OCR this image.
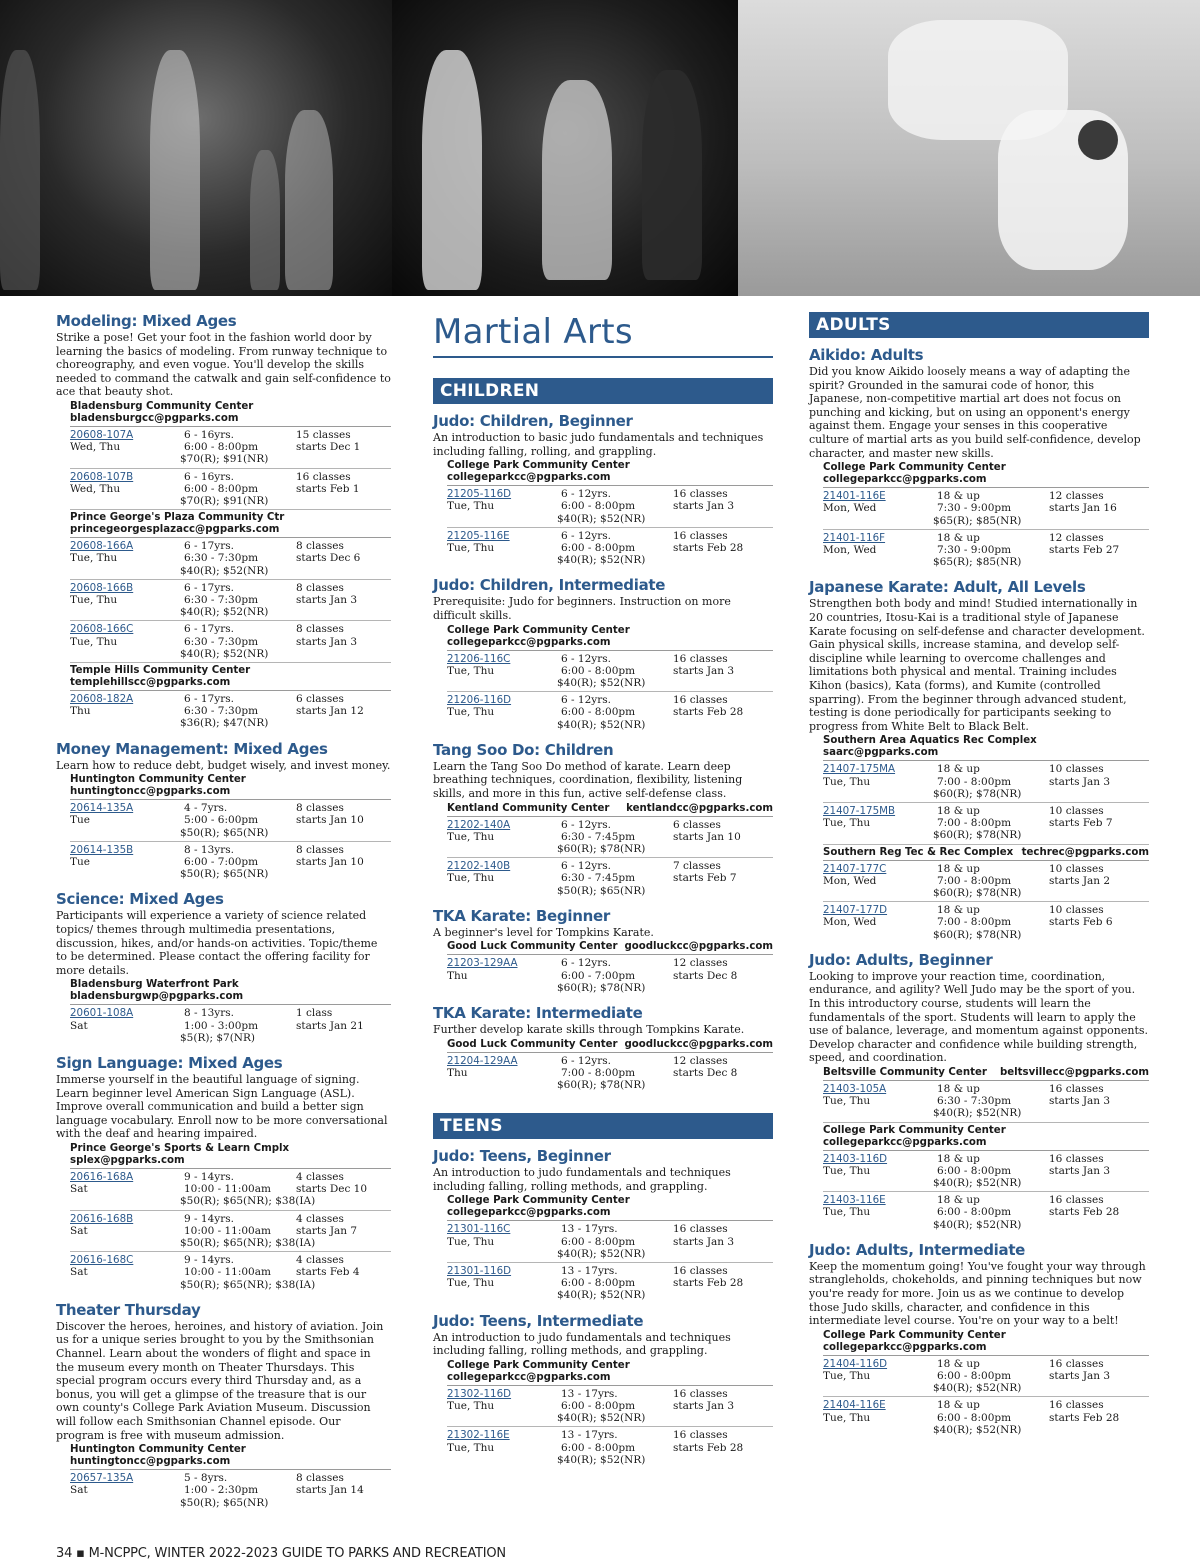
Modeling: Mixed Ages

Strike a pose! Get your foot in the fashion world door by learning the basics of modeling. From runway technique to choreography, and even vogue. You'll develop the skills needed to command the catwalk and gain self-confidence to ace that beauty shot.

Bladensburg Community Center
bladensburgcc@pgparks.com
20608-107A	6 - 16yrs.	15 classes
Wed, Thu	6:00 - 8:00pm	starts Dec 1
$70(R); $91(NR)
20608-107B	6 - 16yrs.	16 classes
Wed, Thu	6:00 - 8:00pm	starts Feb 1
$70(R); $91(NR)
Prince George's Plaza Community Ctr
princegeorgesplazacc@pgparks.com
20608-166A	6 - 17yrs.	8 classes
Tue, Thu	6:30 - 7:30pm	starts Dec 6
$40(R); $52(NR)
20608-166B	6 - 17yrs.	8 classes
Tue, Thu	6:30 - 7:30pm	starts Jan 3
$40(R); $52(NR)
20608-166C	6 - 17yrs.	8 classes
Tue, Thu	6:30 - 7:30pm	starts Jan 3
$40(R); $52(NR)
Temple Hills Community Center
templehillscc@pgparks.com
20608-182A	6 - 17yrs.	6 classes
Thu	6:30 - 7:30pm	starts Jan 12
$36(R); $47(NR)
Money Management: Mixed Ages

Learn how to reduce debt, budget wisely, and invest money.

Huntington Community Center
huntingtoncc@pgparks.com
20614-135A	4 - 7yrs.	8 classes
Tue	5:00 - 6:00pm	starts Jan 10
$50(R); $65(NR)
20614-135B	8 - 13yrs.	8 classes
Tue	6:00 - 7:00pm	starts Jan 10
$50(R); $65(NR)
Science: Mixed Ages

Participants will experience a variety of science related topics/ themes through multimedia presentations, discussion, hikes, and/or hands-on activities. Topic/theme to be determined. Please contact the offering facility for more details.

Bladensburg Waterfront Park
bladensburgwp@pgparks.com
20601-108A	8 - 13yrs.	1 class
Sat	1:00 - 3:00pm	starts Jan 21
$5(R); $7(NR)
Sign Language: Mixed Ages

Immerse yourself in the beautiful language of signing. Learn beginner level American Sign Language (ASL). Improve overall communication and build a better sign language vocabulary. Enroll now to be more conversational with the deaf and hearing impaired.

Prince George's Sports & Learn Cmplx
splex@pgparks.com
20616-168A	9 - 14yrs.	4 classes
Sat	10:00 - 11:00am	starts Dec 10
$50(R); $65(NR); $38(IA)
20616-168B	9 - 14yrs.	4 classes
Sat	10:00 - 11:00am	starts Jan 7
$50(R); $65(NR); $38(IA)
20616-168C	9 - 14yrs.	4 classes
Sat	10:00 - 11:00am	starts Feb 4
$50(R); $65(NR); $38(IA)
Theater Thursday

Discover the heroes, heroines, and history of aviation. Join us for a unique series brought to you by the Smithsonian Channel. Learn about the wonders of flight and space in the museum every month on Theater Thursdays. This special program occurs every third Thursday and, as a bonus, you will get a glimpse of the treasure that is our own county's College Park Aviation Museum. Discussion will follow each Smithsonian Channel episode. Our program is free with museum admission.

Huntington Community Center
huntingtoncc@pgparks.com
20657-135A	5 - 8yrs.	8 classes
Sat	1:00 - 2:30pm	starts Jan 14
$50(R); $65(NR)
Martial Arts
CHILDREN
Judo: Children, Beginner

An introduction to basic judo fundamentals and techniques including falling, rolling, and grappling.

College Park Community Center
collegeparkcc@pgparks.com
21205-116D	6 - 12yrs.	16 classes
Tue, Thu	6:00 - 8:00pm	starts Jan 3
$40(R); $52(NR)
21205-116E	6 - 12yrs.	16 classes
Tue, Thu	6:00 - 8:00pm	starts Feb 28
$40(R); $52(NR)
Judo: Children, Intermediate

Prerequisite: Judo for beginners. Instruction on more difficult skills.

College Park Community Center
collegeparkcc@pgparks.com
21206-116C	6 - 12yrs.	16 classes
Tue, Thu	6:00 - 8:00pm	starts Jan 3
$40(R); $52(NR)
21206-116D	6 - 12yrs.	16 classes
Tue, Thu	6:00 - 8:00pm	starts Feb 28
$40(R); $52(NR)
Tang Soo Do: Children

Learn the Tang Soo Do method of karate. Learn deep breathing techniques, coordination, flexibility, listening skills, and more in this fun, active self-defense class.

Kentland Community Center kentlandcc@pgparks.com
21202-140A	6 - 12yrs.	6 classes
Tue, Thu	6:30 - 7:45pm	starts Jan 10
$60(R); $78(NR)
21202-140B	6 - 12yrs.	7 classes
Tue, Thu	6:30 - 7:45pm	starts Feb 7
$50(R); $65(NR)
TKA Karate: Beginner

A beginner's level for Tompkins Karate.

Good Luck Community Center goodluckcc@pgparks.com
21203-129AA	6 - 12yrs.	12 classes
Thu	6:00 - 7:00pm	starts Dec 8
$60(R); $78(NR)
TKA Karate: Intermediate

Further develop karate skills through Tompkins Karate.

Good Luck Community Center goodluckcc@pgparks.com
21204-129AA	6 - 12yrs.	12 classes
Thu	7:00 - 8:00pm	starts Dec 8
$60(R); $78(NR)
TEENS
Judo: Teens, Beginner

An introduction to judo fundamentals and techniques including falling, rolling methods, and grappling.

College Park Community Center
collegeparkcc@pgparks.com
21301-116C	13 - 17yrs.	16 classes
Tue, Thu	6:00 - 8:00pm	starts Jan 3
$40(R); $52(NR)
21301-116D	13 - 17yrs.	16 classes
Tue, Thu	6:00 - 8:00pm	starts Feb 28
$40(R); $52(NR)
Judo: Teens, Intermediate

An introduction to judo fundamentals and techniques including falling, rolling methods, and grappling.

College Park Community Center
collegeparkcc@pgparks.com
21302-116D	13 - 17yrs.	16 classes
Tue, Thu	6:00 - 8:00pm	starts Jan 3
$40(R); $52(NR)
21302-116E	13 - 17yrs.	16 classes
Tue, Thu	6:00 - 8:00pm	starts Feb 28
$40(R); $52(NR)
ADULTS
Aikido: Adults

Did you know Aikido loosely means a way of adapting the spirit? Grounded in the samurai code of honor, this Japanese, non-competitive martial art does not focus on punching and kicking, but on using an opponent's energy against them. Engage your senses in this cooperative culture of martial arts as you build self-confidence, develop character, and master new skills.

College Park Community Center
collegeparkcc@pgparks.com
21401-116E	18 & up	12 classes
Mon, Wed	7:30 - 9:00pm	starts Jan 16
$65(R); $85(NR)
21401-116F	18 & up	12 classes
Mon, Wed	7:30 - 9:00pm	starts Feb 27
$65(R); $85(NR)
Japanese Karate: Adult, All Levels

Strengthen both body and mind! Studied internationally in 20 countries, Itosu-Kai is a traditional style of Japanese Karate focusing on self-defense and character development. Gain physical skills, increase stamina, and develop self-discipline while learning to overcome challenges and limitations both physical and mental. Training includes Kihon (basics), Kata (forms), and Kumite (controlled sparring). From the beginner through advanced student, testing is done periodically for participants seeking to progress from White Belt to Black Belt.

Southern Area Aquatics Rec Complex
saarc@pgparks.com
21407-175MA	18 & up	10 classes
Tue, Thu	7:00 - 8:00pm	starts Jan 3
$60(R); $78(NR)
21407-175MB	18 & up	10 classes
Tue, Thu	7:00 - 8:00pm	starts Feb 7
$60(R); $78(NR)
Southern Reg Tec & Rec Complex techrec@pgparks.com
21407-177C	18 & up	10 classes
Mon, Wed	7:00 - 8:00pm	starts Jan 2
$60(R); $78(NR)
21407-177D	18 & up	10 classes
Mon, Wed	7:00 - 8:00pm	starts Feb 6
$60(R); $78(NR)
Judo: Adults, Beginner

Looking to improve your reaction time, coordination, endurance, and agility? Well Judo may be the sport of you. In this introductory course, students will learn the fundamentals of the sport. Students will learn to apply the use of balance, leverage, and momentum against opponents. Develop character and confidence while building strength, speed, and coordination.

Beltsville Community Center beltsvillecc@pgparks.com
21403-105A	18 & up	16 classes
Tue, Thu	6:30 - 7:30pm	starts Jan 3
$40(R); $52(NR)
College Park Community Center
collegeparkcc@pgparks.com
21403-116D	18 & up	16 classes
Tue, Thu	6:00 - 8:00pm	starts Jan 3
$40(R); $52(NR)
21403-116E	18 & up	16 classes
Tue, Thu	6:00 - 8:00pm	starts Feb 28
$40(R); $52(NR)
Judo: Adults, Intermediate

Keep the momentum going! You've fought your way through strangleholds, chokeholds, and pinning techniques but now you're ready for more. Join us as we continue to develop those Judo skills, character, and confidence in this intermediate level course. You're on your way to a belt!

College Park Community Center
collegeparkcc@pgparks.com
21404-116D	18 & up	16 classes
Tue, Thu	6:00 - 8:00pm	starts Jan 3
$40(R); $52(NR)
21404-116E	18 & up	16 classes
Tue, Thu	6:00 - 8:00pm	starts Feb 28
$40(R); $52(NR)
34 ▪ M-NCPPC, WINTER 2022-2023 GUIDE TO PARKS AND RECREATION
